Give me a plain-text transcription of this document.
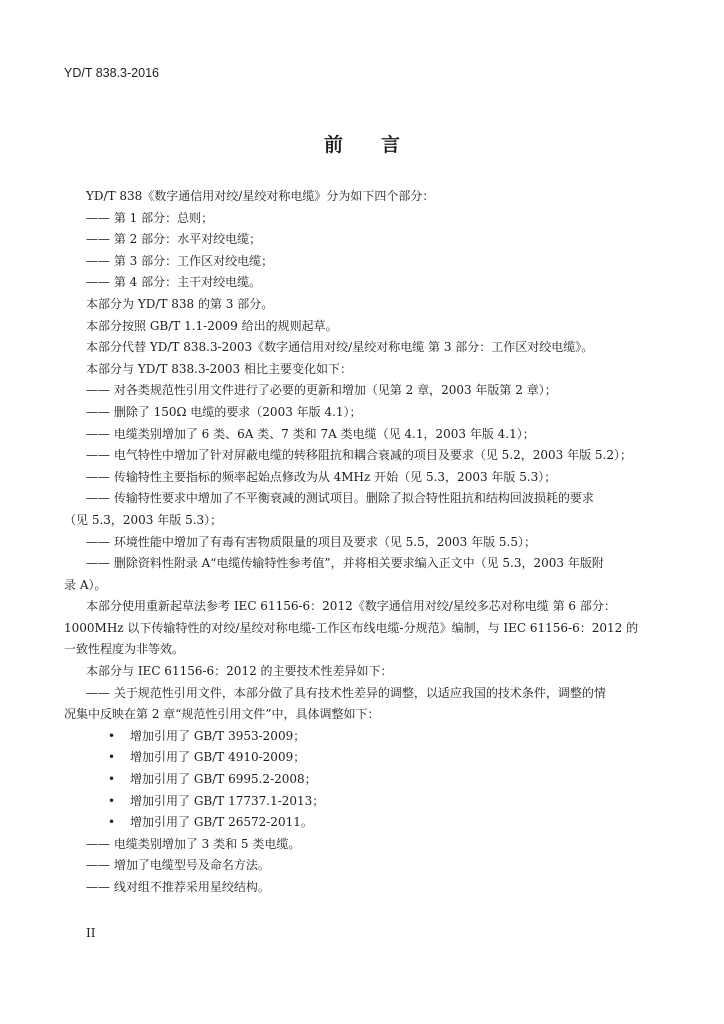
YD/T 838.3-2016
前言
YD/T 838《数字通信用对绞/星绞对称电缆》分为如下四个部分：
—— 第 1 部分：总则；
—— 第 2 部分：水平对绞电缆；
—— 第 3 部分：工作区对绞电缆；
—— 第 4 部分：主干对绞电缆。
本部分为 YD/T 838 的第 3 部分。
本部分按照 GB/T 1.1-2009 给出的规则起草。
本部分代替 YD/T 838.3-2003《数字通信用对绞/星绞对称电缆 第 3 部分：工作区对绞电缆》。
本部分与 YD/T 838.3-2003 相比主要变化如下：
—— 对各类规范性引用文件进行了必要的更新和增加（见第 2 章，2003 年版第 2 章）；
—— 删除了 150Ω 电缆的要求（2003 年版 4.1）；
—— 电缆类别增加了 6 类、6A 类、7 类和 7A 类电缆（见 4.1，2003 年版 4.1）；
—— 电气特性中增加了针对屏蔽电缆的转移阻抗和耦合衰减的项目及要求（见 5.2，2003 年版 5.2）；
—— 传输特性主要指标的频率起始点修改为从 4MHz 开始（见 5.3，2003 年版 5.3）；
—— 传输特性要求中增加了不平衡衰减的测试项目。删除了拟合特性阻抗和结构回波损耗的要求
（见 5.3，2003 年版 5.3）；
—— 环境性能中增加了有毒有害物质限量的项目及要求（见 5.5，2003 年版 5.5）；
—— 删除资料性附录 A“电缆传输特性参考值”，并将相关要求编入正文中（见 5.3，2003 年版附
录 A）。
本部分使用重新起草法参考 IEC 61156-6：2012《数字通信用对绞/星绞多芯对称电缆 第 6 部分：
1000MHz 以下传输特性的对绞/星绞对称电缆-工作区布线电缆-分规范》编制，与 IEC 61156-6：2012 的
一致性程度为非等效。
本部分与 IEC 61156-6：2012 的主要技术性差异如下：
—— 关于规范性引用文件，本部分做了具有技术性差异的调整，以适应我国的技术条件，调整的情
况集中反映在第 2 章“规范性引用文件”中，具体调整如下：
• 增加引用了 GB/T 3953-2009；
• 增加引用了 GB/T 4910-2009；
• 增加引用了 GB/T 6995.2-2008；
• 增加引用了 GB/T 17737.1-2013；
• 增加引用了 GB/T 26572-2011。
—— 电缆类别增加了 3 类和 5 类电缆。
—— 增加了电缆型号及命名方法。
—— 线对组不推荐采用星绞结构。
II
